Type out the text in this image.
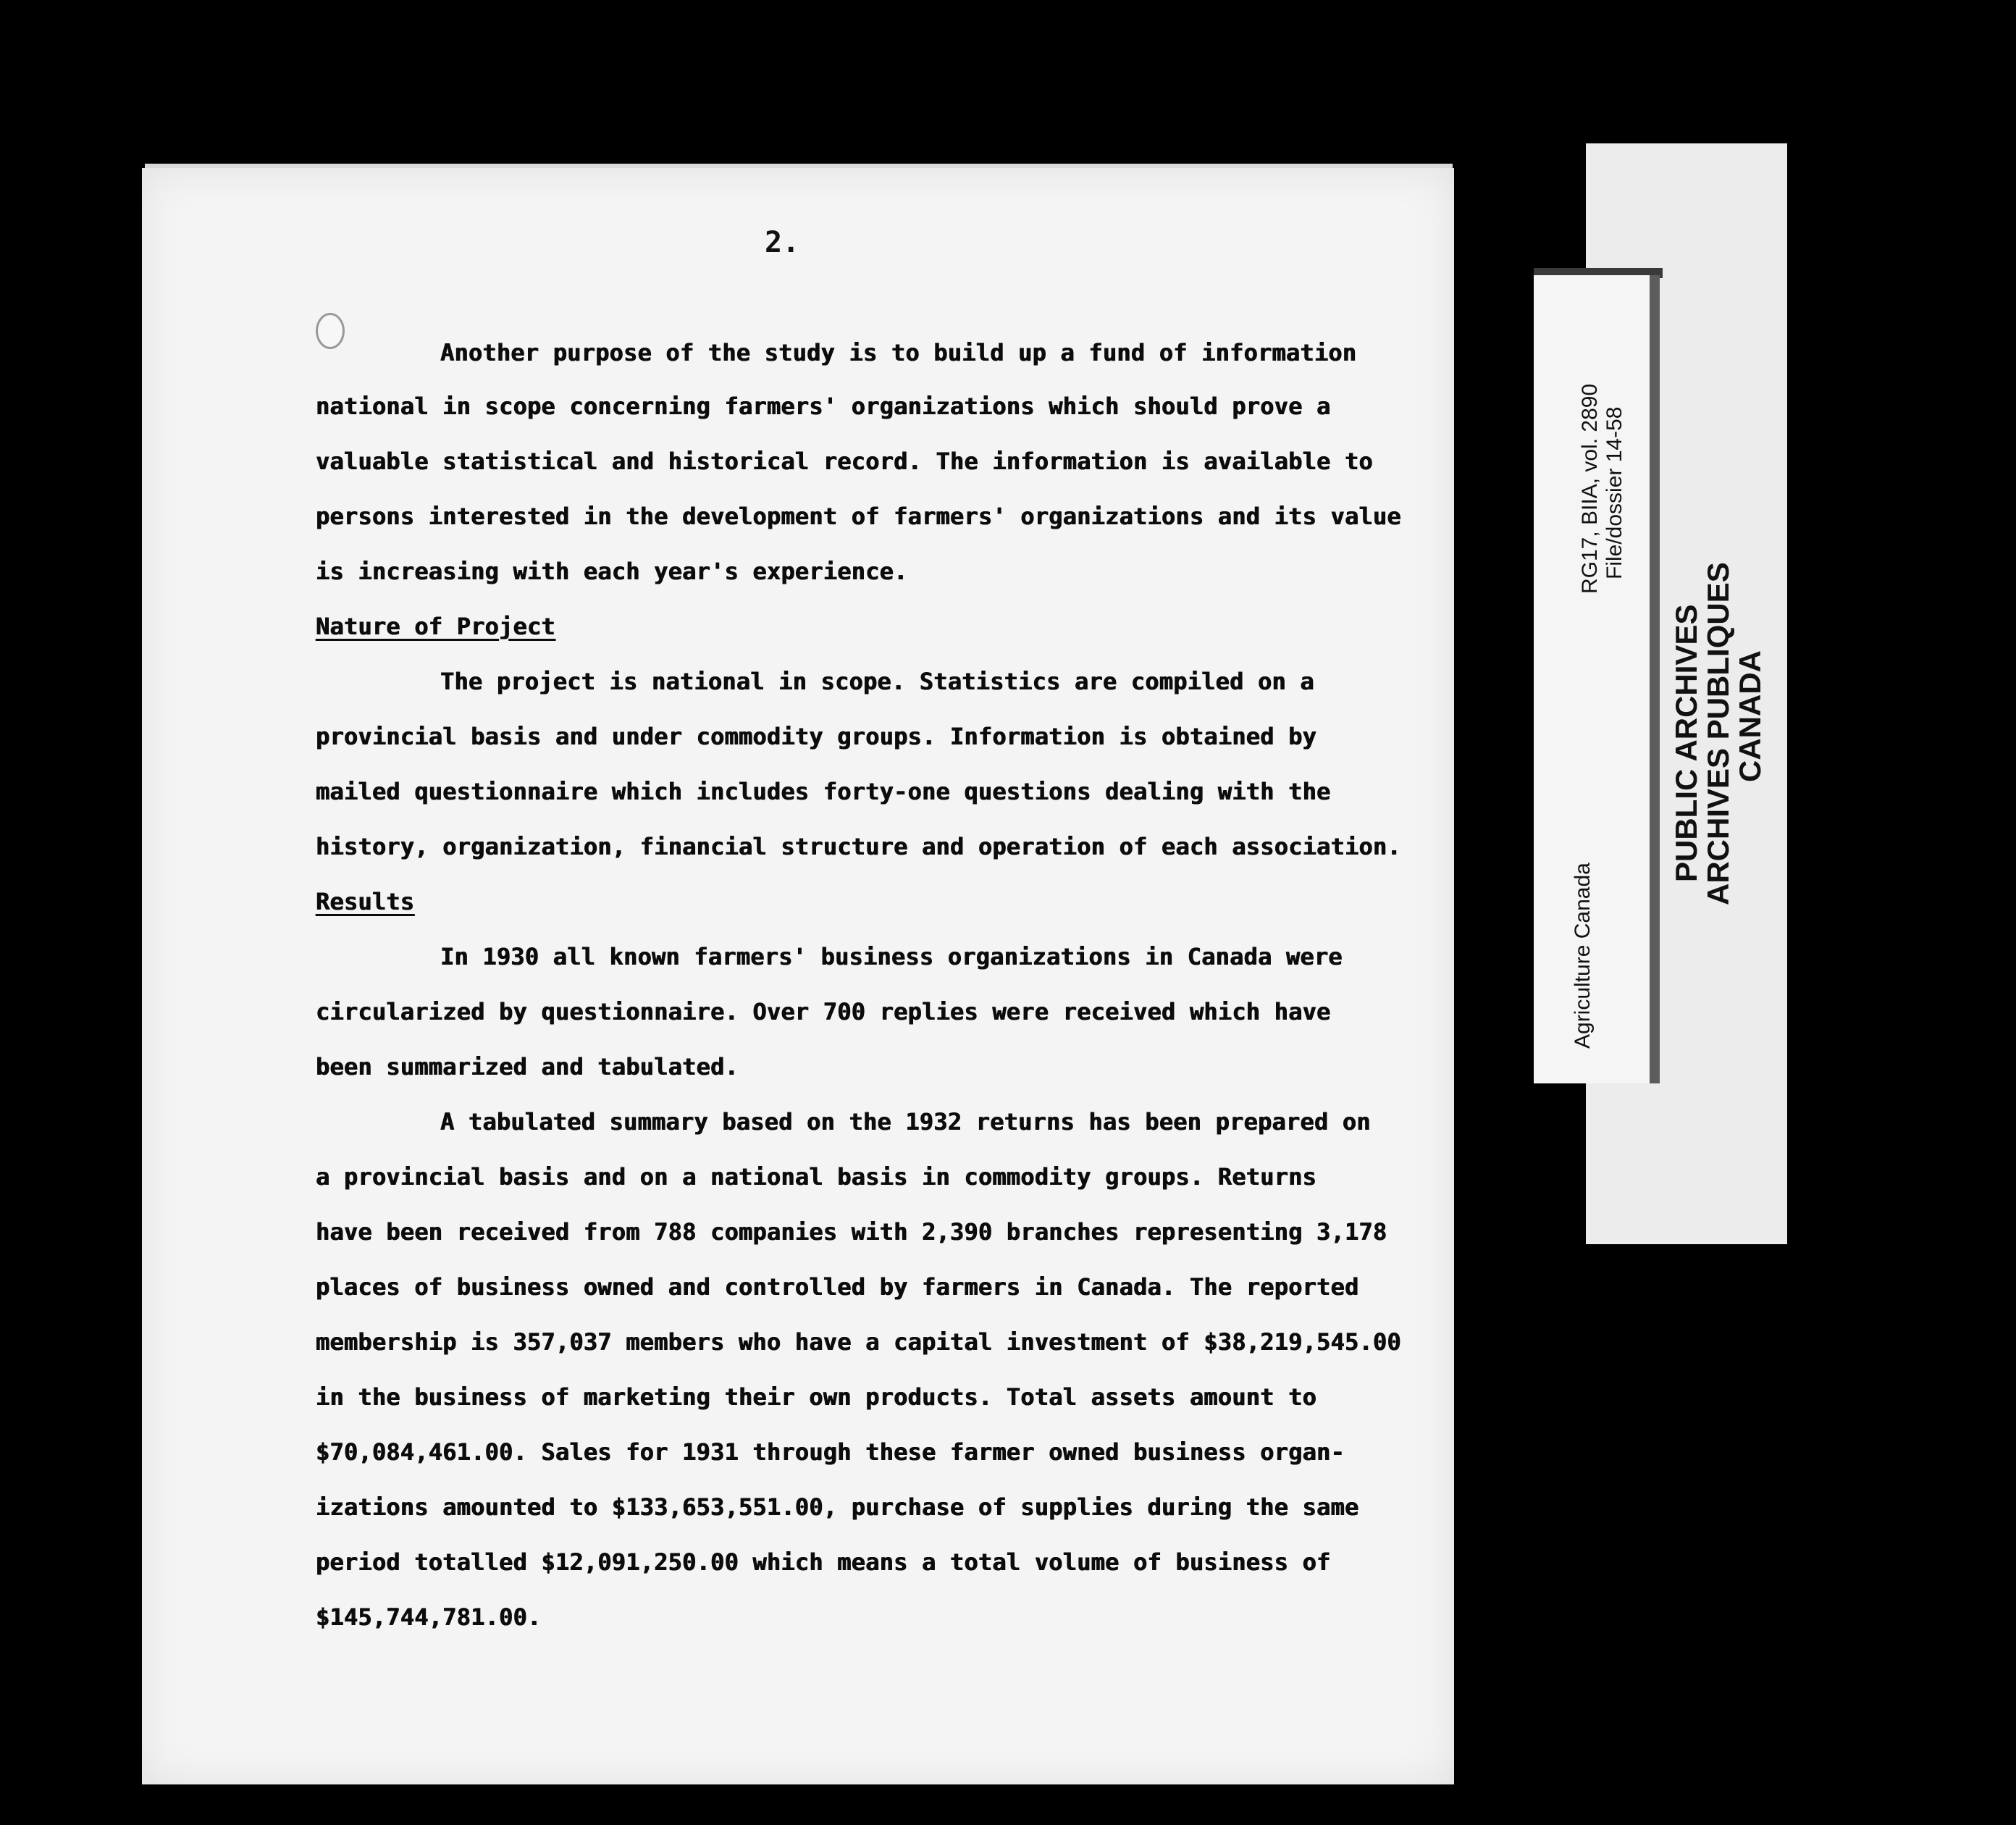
2.

Another purpose of the study is to build up a fund of information

national in scope concerning farmers' organizations which should prove a

valuable statistical and historical record. The information is available to

persons interested in the development of farmers' organizations and its value

is increasing with each year's experience.

Nature of Project

The project is national in scope. Statistics are compiled on a

provincial basis and under commodity groups. Information is obtained by

mailed questionnaire which includes forty-one questions dealing with the

history, organization, financial structure and operation of each association.

Results

In 1930 all known farmers' business organizations in Canada were

circularized by questionnaire. Over 700 replies were received which have

been summarized and tabulated.

A tabulated summary based on the 1932 returns has been prepared on

a provincial basis and on a national basis in commodity groups. Returns

have been received from 788 companies with 2,390 branches representing 3,178

places of business owned and controlled by farmers in Canada. The reported

membership is 357,037 members who have a capital investment of $38,219,545.00

in the business of marketing their own products. Total assets amount to

$70,084,461.00. Sales for 1931 through these farmer owned business organ-

izations amounted to $133,653,551.00, purchase of supplies during the same

period totalled $12,091,250.00 which means a total volume of business of

$145,744,781.00.

RG17, BIIA, vol. 2890 File/dossier 14-58

Agriculture Canada

PUBLIC ARCHIVES

ARCHIVES PUBLIQUES

CANADA
